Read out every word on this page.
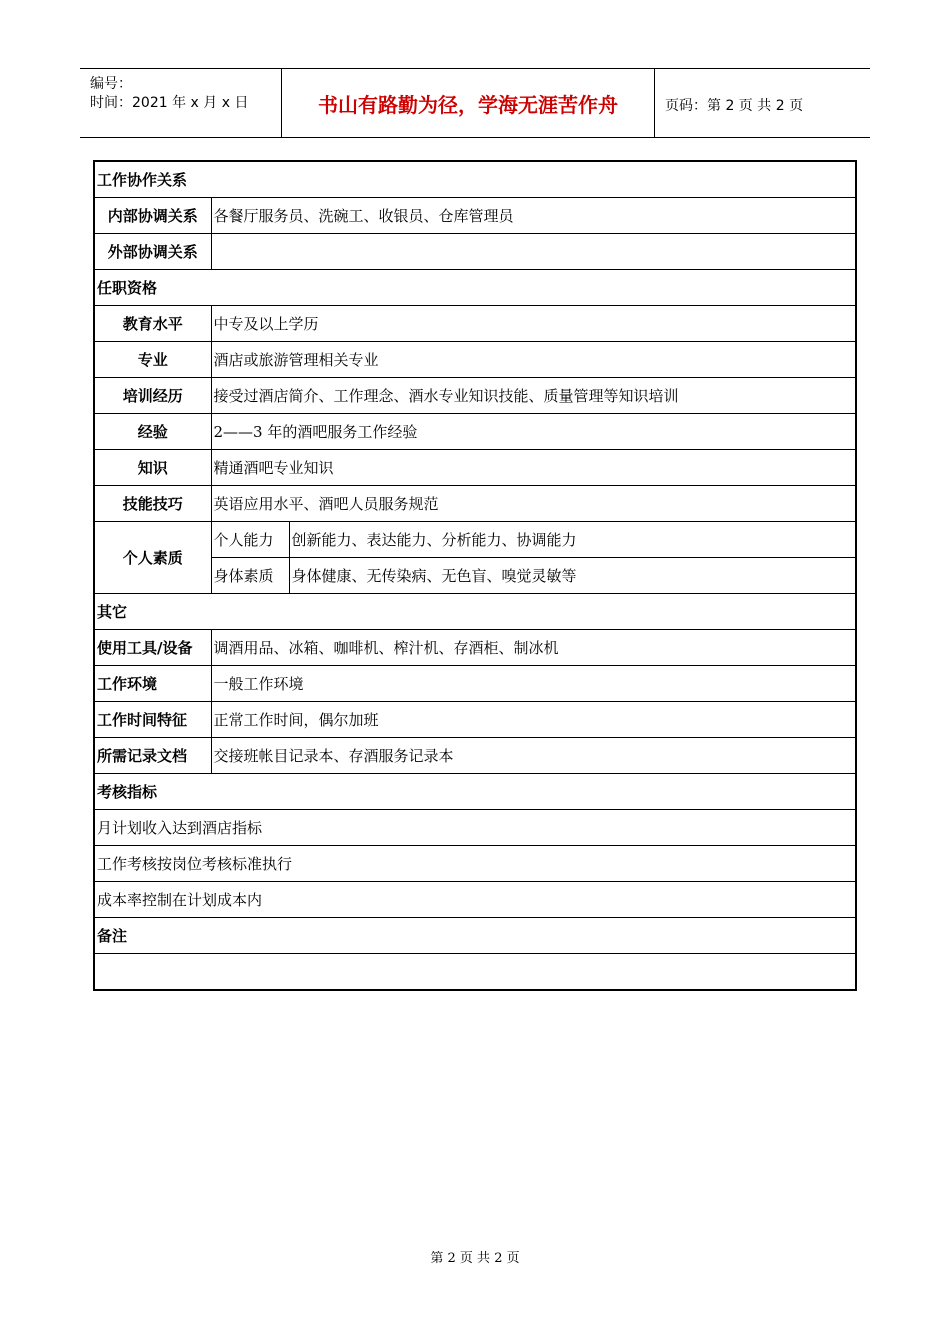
编号：
时间：2021 年 x 月 x 日	书山有路勤为径，学海无涯苦作舟	页码：第 2 页 共 2 页
工作协作关系		
内部协调关系	各餐厅服务员、洗碗工、收银员、仓库管理员	
外部协调关系		
任职资格		
教育水平	中专及以上学历	
专业	酒店或旅游管理相关专业	
培训经历	接受过酒店简介、工作理念、酒水专业知识技能、质量管理等知识培训	
经验	2——3 年的酒吧服务工作经验	
知识	精通酒吧专业知识	
技能技巧	英语应用水平、酒吧人员服务规范	
个人素质	个人能力	创新能力、表达能力、分析能力、协调能力
	身体素质	身体健康、无传染病、无色盲、嗅觉灵敏等
其它		
使用工具/设备	调酒用品、冰箱、咖啡机、榨汁机、存酒柜、制冰机	
工作环境	一般工作环境	
工作时间特征	正常工作时间，偶尔加班	
所需记录文档	交接班帐目记录本、存酒服务记录本	
考核指标		
月计划收入达到酒店指标		
工作考核按岗位考核标准执行		
成本率控制在计划成本内		
备注		

第 2 页 共 2 页
